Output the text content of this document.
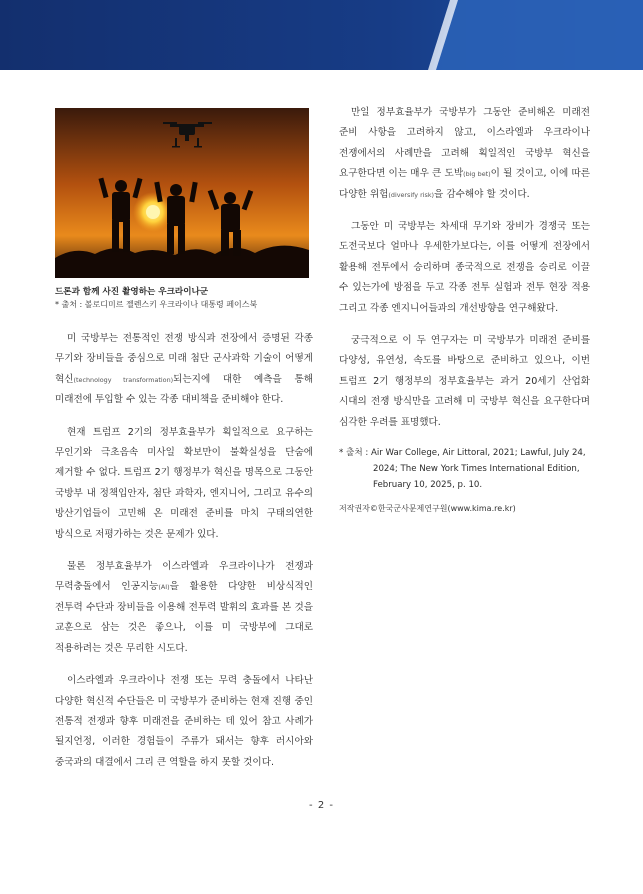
드론과 함께 사진 촬영하는 우크라이나군
* 출처 : 볼로디미르 젤렌스키 우크라이나 대통령 페이스북

미 국방부는 전통적인 전쟁 방식과 전장에서 증명된 각종 무기와 장비들을 중심으로 미래 첨단 군사과학 기술이 어떻게 혁신(technology transformation)되는지에 대한 예측을 통해 미래전에 투입할 수 있는 각종 대비책을 준비해야 한다.

현재 트럼프 2기의 정부효율부가 획일적으로 요구하는 무인기와 극초음속 미사일 확보만이 불확실성을 단숨에 제거할 수 없다. 트럼프 2기 행정부가 혁신을 명목으로 그동안 국방부 내 정책입안자, 첨단 과학자, 엔지니어, 그리고 유수의 방산기업들이 고민해 온 미래전 준비를 마치 구태의연한 방식으로 저평가하는 것은 문제가 있다.

물론 정부효율부가 이스라엘과 우크라이나가 전쟁과 무력충돌에서 인공지능(AI)을 활용한 다양한 비상식적인 전투력 수단과 장비들을 이용해 전투력 발휘의 효과를 본 것을 교훈으로 삼는 것은 좋으나, 이를 미 국방부에 그대로 적용하려는 것은 무리한 시도다.

이스라엘과 우크라이나 전쟁 또는 무력 충돌에서 나타난 다양한 혁신적 수단들은 미 국방부가 준비하는 현재 진행 중인 전통적 전쟁과 향후 미래전을 준비하는 데 있어 참고 사례가 될지언정, 이러한 경험들이 주류가 돼서는 향후 러시아와 중국과의 대결에서 그리 큰 역할을 하지 못할 것이다.

만일 정부효율부가 국방부가 그동안 준비해온 미래전 준비 사항을 고려하지 않고, 이스라엘과 우크라이나 전쟁에서의 사례만을 고려해 획일적인 국방부 혁신을 요구한다면 이는 매우 큰 도박(big bet)이 될 것이고, 이에 따른 다양한 위험(diversify risk)을 감수해야 할 것이다.

그동안 미 국방부는 차세대 무기와 장비가 경쟁국 또는 도전국보다 얼마나 우세한가보다는, 이를 어떻게 전장에서 활용해 전투에서 승리하며 종국적으로 전쟁을 승리로 이끌 수 있는가에 방점을 두고 각종 전투 실험과 전투 현장 적용 그리고 각종 엔지니어들과의 개선방향을 연구해왔다.

궁극적으로 이 두 연구자는 미 국방부가 미래전 준비를 다양성, 유연성, 속도를 바탕으로 준비하고 있으나, 이번 트럼프 2기 행정부의 정부효율부는 과거 20세기 산업화 시대의 전쟁 방식만을 고려해 미 국방부 혁신을 요구한다며 심각한 우려를 표명했다.

* 출처 : Air War College, Air Littoral, 2021; Lawful, July 24, 2024; The New York Times International Edition, February 10, 2025, p. 10.

저작권자©한국군사문제연구원(www.kima.re.kr)
- 2 -
